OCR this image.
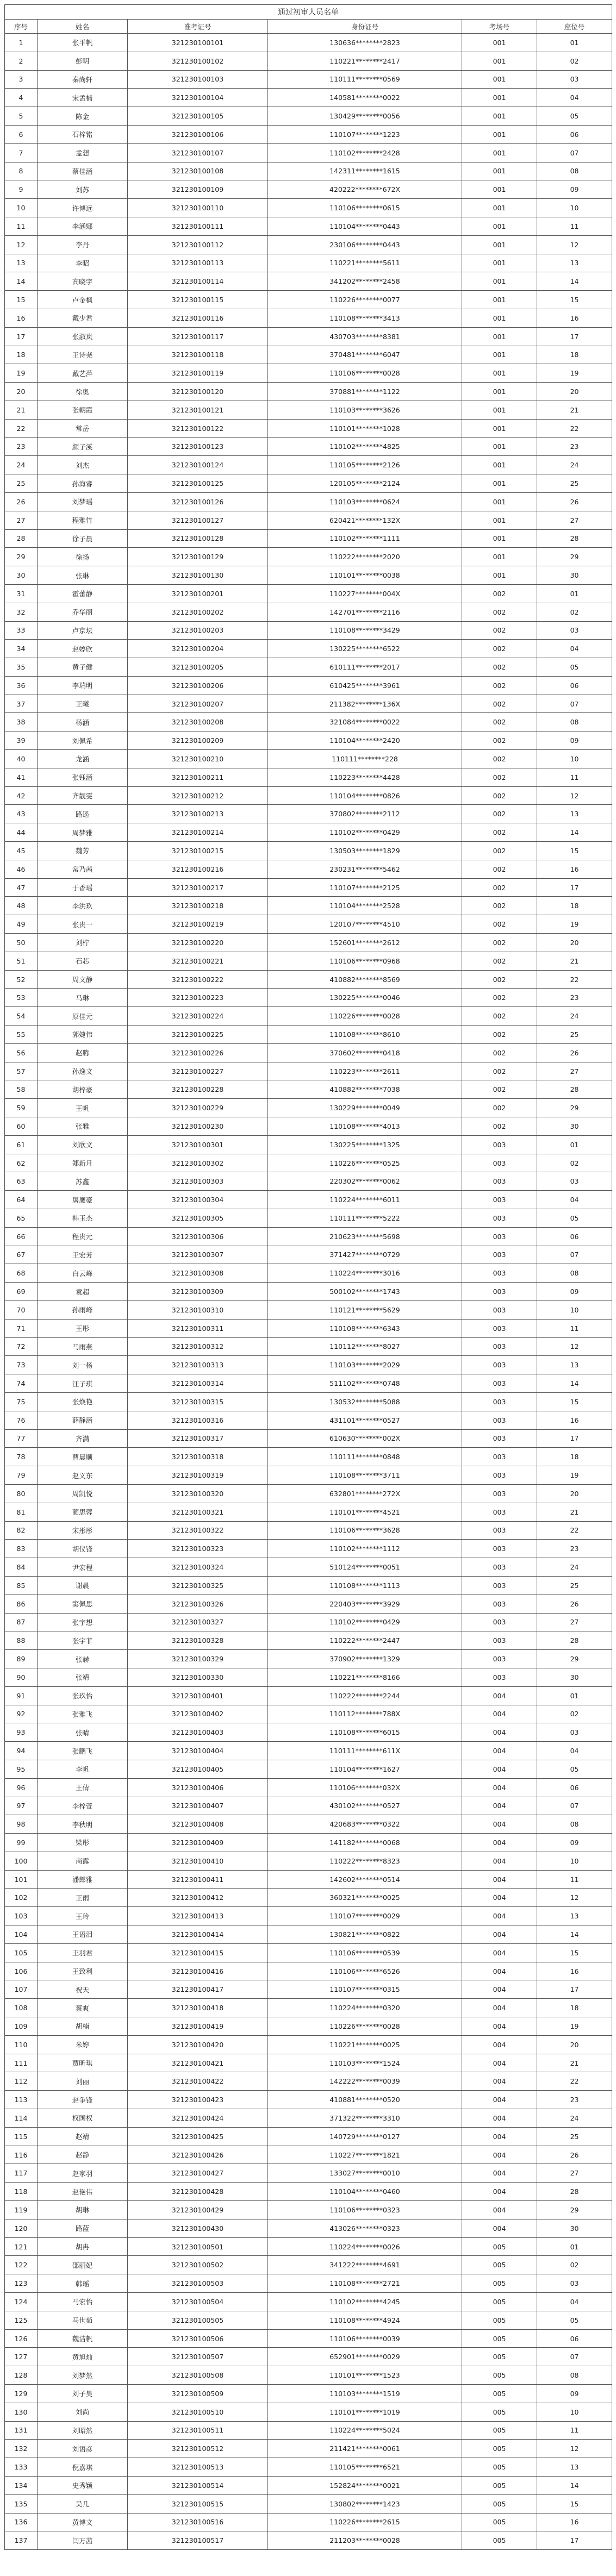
通过初审人员名单					
序号	姓名	准考证号	身份证号	考场号	座位号
1	张平帆	321230100101	130636********2823	001	01
2	彭明	321230100102	110221********2417	001	02
3	秦尚轩	321230100103	110111********0569	001	03
4	宋孟楠	321230100104	140581********0022	001	04
5	陈金	321230100105	130429********0056	001	05
6	石梓铭	321230100106	110107********1223	001	06
7	孟想	321230100107	110102********2428	001	07
8	蔡佳涵	321230100108	142311********1615	001	08
9	刘苏	321230100109	420222********672X	001	09
10	许博远	321230100110	110106********0615	001	10
11	李涵娜	321230100111	110104********0443	001	11
12	李丹	321230100112	230106********0443	001	12
13	李昭	321230100113	110221********5611	001	13
14	高晓宇	321230100114	341202********2458	001	14
15	卢金枫	321230100115	110226********0077	001	15
16	戴少君	321230100116	110108********3413	001	16
17	张淑岚	321230100117	430703********8381	001	17
18	王诗尧	321230100118	370481********6047	001	18
19	戴艺萍	321230100119	110106********0028	001	19
20	徐奥	321230100120	370881********1122	001	20
21	张朝霞	321230100121	110103********3626	001	21
22	常岳	321230100122	110101********1028	001	22
23	颜子溪	321230100123	110102********4825	001	23
24	刘杰	321230100124	110105********2126	001	24
25	孙海睿	321230100125	120105********2124	001	25
26	刘梦瑶	321230100126	110103********0624	001	26
27	程雅竹	321230100127	620421********132X	001	27
28	徐子晨	321230100128	110102********1111	001	28
29	徐扬	321230100129	110222********2020	001	29
30	张琳	321230100130	110101********0038	001	30
31	霍蕾静	321230100201	110227********004X	002	01
32	乔华丽	321230100202	142701********2116	002	02
33	卢京坛	321230100203	110108********3429	002	03
34	赵婷欣	321230100204	130225********6522	002	04
35	黄子健	321230100205	610111********2017	002	05
36	李瑞明	321230100206	610425********3961	002	06
37	王曦	321230100207	211382********136X	002	07
38	杨涵	321230100208	321084********0022	002	08
39	刘佩希	321230100209	110104********2420	002	09
40	龙涵	321230100210	110111********228	002	10
41	张钰涵	321230100211	110223********4428	002	11
42	齐靓雯	321230100212	110104********0826	002	12
43	路遥	321230100213	370802********2112	002	13
44	周梦雅	321230100214	110102********0429	002	14
45	魏芳	321230100215	130503********1829	002	15
46	常乃茜	321230100216	230231********5462	002	16
47	于香瑶	321230100217	110107********2125	002	17
48	李洪玖	321230100218	110104********2528	002	18
49	张贵一	321230100219	120107********4510	002	19
50	刘柠	321230100220	152601********2612	002	20
51	石芯	321230100221	110106********0968	002	21
52	周文静	321230100222	410882********8569	002	22
53	马琳	321230100223	130225********0046	002	23
54	原佳元	321230100224	110226********0028	002	24
55	郭婕伟	321230100225	110108********8610	002	25
56	赵腾	321230100226	370602********0418	002	26
57	孙逸文	321230100227	110223********2611	002	27
58	胡梓豪	321230100228	410882********7038	002	28
59	王帆	321230100229	130229********0049	002	29
60	张雅	321230100230	110108********4013	002	30
61	刘欣文	321230100301	130225********1325	003	01
62	郑新月	321230100302	110226********0525	003	02
63	苏鑫	321230100303	220302********0062	003	03
64	屠鹰豪	321230100304	110224********6011	003	04
65	韩玉杰	321230100305	110111********5222	003	05
66	程贵元	321230100306	210623********5698	003	06
67	王宏芳	321230100307	371427********0729	003	07
68	白云峰	321230100308	110224********3016	003	08
69	袁超	321230100309	500102********1743	003	09
70	孙雨峰	321230100310	110121********5629	003	10
71	王彤	321230100311	110108********6343	003	11
72	马雨燕	321230100312	110112********8027	003	12
73	刘一杨	321230100313	110103********2029	003	13
74	汪子琪	321230100314	511102********0748	003	14
75	张焕艳	321230100315	130532********5088	003	15
76	薛静涵	321230100316	431101********0527	003	16
77	齐满	321230100317	610630********002X	003	17
78	曹晨顺	321230100318	110111********0848	003	18
79	赵义东	321230100319	110108********3711	003	19
80	周凯悦	321230100320	632801********272X	003	20
81	蔺思蓉	321230100321	110101********4521	003	21
82	宋彤彤	321230100322	110106********3628	003	22
83	胡仪锋	321230100323	110102********1112	003	23
84	尹宏程	321230100324	510124********0051	003	24
85	谢晨	321230100325	110108********1113	003	25
86	窦佩思	321230100326	220403********3929	003	26
87	张宇想	321230100327	110102********0429	003	27
88	张宇菲	321230100328	110222********2447	003	28
89	张赫	321230100329	370902********1329	003	29
90	张靖	321230100330	110221********8166	003	30
91	张玖怡	321230100401	110222********2244	004	01
92	张雅飞	321230100402	110112********788X	004	02
93	张晴	321230100403	110108********6015	004	03
94	张鹏飞	321230100404	110111********611X	004	04
95	李帆	321230100405	110104********1627	004	05
96	王倩	321230100406	110106********032X	004	06
97	李梓萱	321230100407	430102********0527	004	07
98	李秋明	321230100408	420683********0322	004	08
99	梁彤	321230100409	141182********0068	004	09
100	商露	321230100410	110222********8323	004	10
101	潘郎雅	321230100411	142602********0514	004	11
102	王雨	321230100412	360321********0025	004	12
103	王玲	321230100413	110107********0029	004	13
104	王语泪	321230100414	130821********0822	004	14
105	王羽君	321230100415	110106********0539	004	15
106	王致利	321230100416	110106********6526	004	16
107	祝天	321230100417	110107********0315	004	17
108	蔡爽	321230100418	110224********0320	004	18
109	胡楠	321230100419	110226********0028	004	19
110	米婷	321230100420	110221********0025	004	20
111	贾昕琪	321230100421	110103********1524	004	21
112	刘丽	321230100422	142222********0039	004	22
113	赵争锋	321230100423	410881********0520	004	23
114	权国权	321230100424	371322********3310	004	24
115	赵靖	321230100425	140729********0127	004	25
116	赵静	321230100426	110227********1821	004	26
117	赵家羽	321230100427	133027********0010	004	27
118	赵艳伟	321230100428	110104********0460	004	28
119	胡琳	321230100429	110106********0323	004	29
120	路蓝	321230100430	413026********0323	004	30
121	胡冉	321230100501	110224********0026	005	01
122	邵丽妃	321230100502	341222********4691	005	02
123	韩瑶	321230100503	110108********2721	005	03
124	马宏怡	321230100504	110102********4245	005	04
125	马世茹	321230100505	110108********4924	005	05
126	魏洁帆	321230100506	110106********0039	005	06
127	黄旭灿	321230100507	652901********0029	005	07
128	刘梦然	321230100508	110101********1523	005	08
129	刘子昊	321230100509	110103********1519	005	09
130	刘尚	321230100510	110101********1019	005	10
131	刘昭然	321230100511	110224********5024	005	11
132	刘语彦	321230100512	211421********0061	005	12
133	倪嘉琪	321230100513	110105********6521	005	13
134	史秀颖	321230100514	152824********0021	005	14
135	吴几	321230100515	130802********1423	005	15
136	黄博文	321230100516	110226********2615	005	16
137	闫万茜	321230100517	211203********0028	005	17
